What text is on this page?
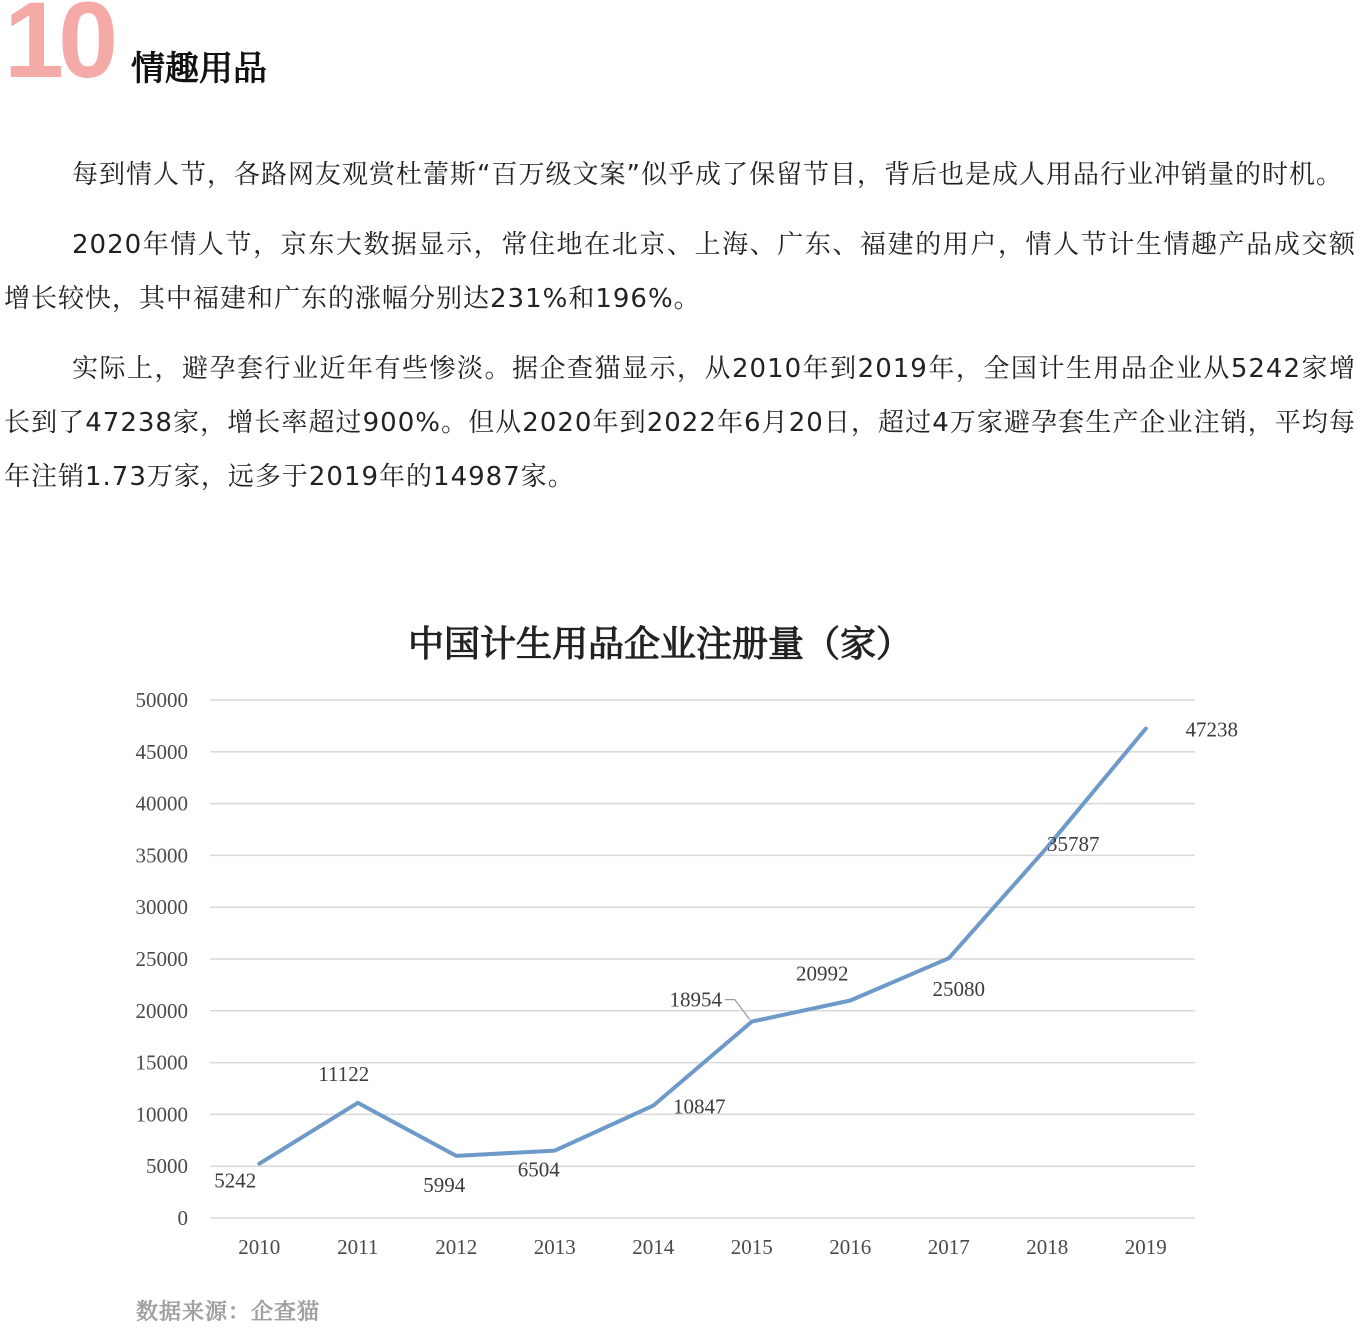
10 情趣用品

每到情人节，各路网友观赏杜蕾斯“百万级文案”似乎成了保留节目，背后也是成人用品行业冲销量的时机。

2020年情人节，京东大数据显示，常住地在北京、上海、广东、福建的用户，情人节计生情趣产品成交额增长较快，其中福建和广东的涨幅分别达231%和196%。

实际上，避孕套行业近年有些惨淡。据企查猫显示，从2010年到2019年，全国计生用品企业从5242家增长到了47238家，增长率超过900%。但从2020年到2022年6月20日，超过4万家避孕套生产企业注销，平均每年注销1.73万家，远多于2019年的14987家。

中国计生用品企业注册量（家）
0
5000
10000
15000
20000
25000
30000
35000
40000
45000
50000
2010	2011	2012	2013	2014	2015	2016	2017	2018	2019
5242
11122
5994
6504
10847
18954
20992
25080
35787
47238
数据来源：企查猫
